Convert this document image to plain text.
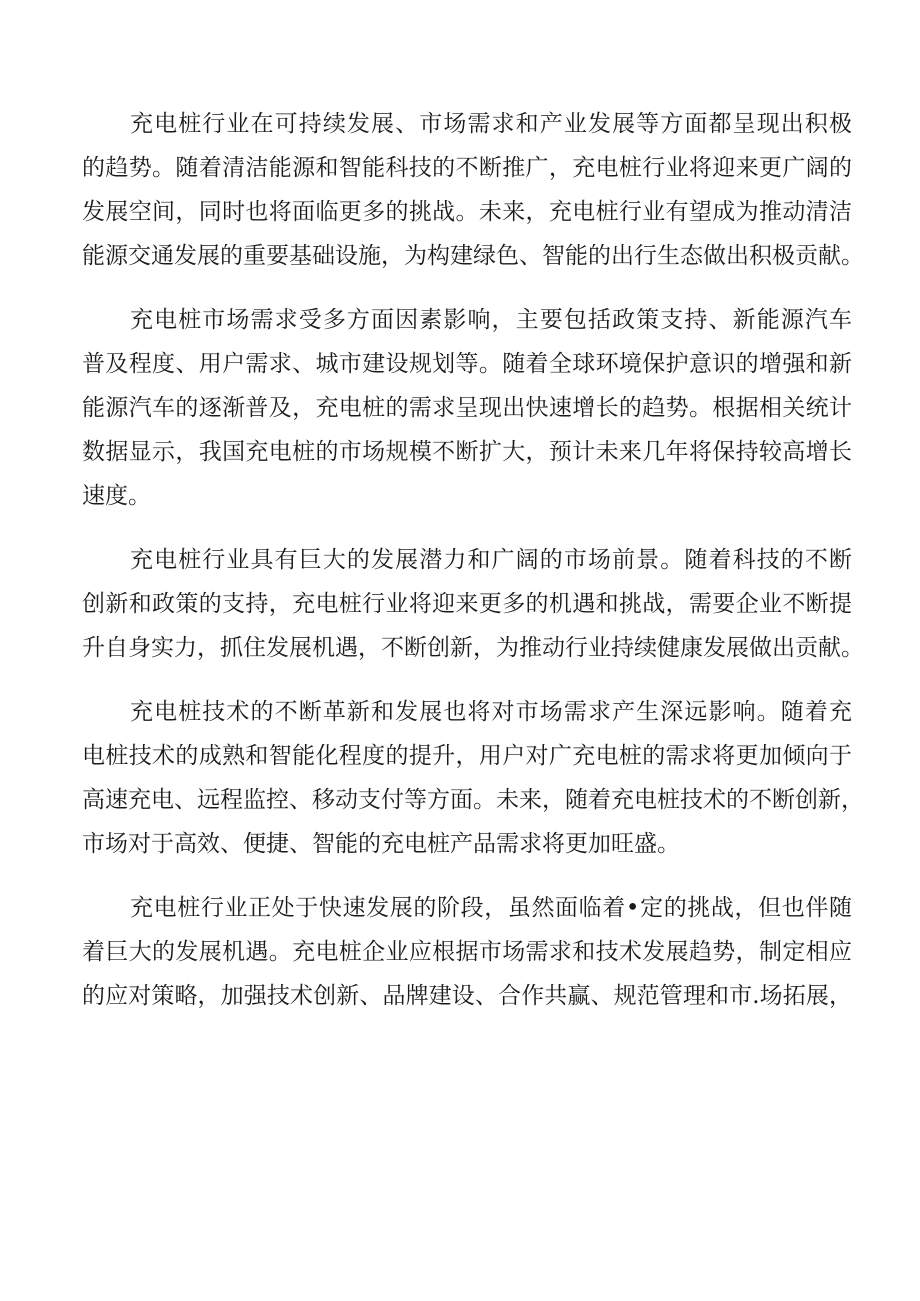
充电桩行业在可持续发展、市场需求和产业发展等方面都呈现出积极
的趋势。随着清洁能源和智能科技的不断推广，充电桩行业将迎来更广阔的
发展空间，同时也将面临更多的挑战。未来，充电桩行业有望成为推动清洁
能源交通发展的重要基础设施，为构建绿色、智能的出行生态做出积极贡献。
充电桩市场需求受多方面因素影响，主要包括政策支持、新能源汽车
普及程度、用户需求、城市建设规划等。随着全球环境保护意识的增强和新
能源汽车的逐渐普及，充电桩的需求呈现出快速增长的趋势。根据相关统计
数据显示，我国充电桩的市场规模不断扩大，预计未来几年将保持较高增长
速度。
充电桩行业具有巨大的发展潜力和广阔的市场前景。随着科技的不断
创新和政策的支持，充电桩行业将迎来更多的机遇和挑战，需要企业不断提
升自身实力，抓住发展机遇，不断创新，为推动行业持续健康发展做出贡献。
充电桩技术的不断革新和发展也将对市场需求产生深远影响。随着充
电桩技术的成熟和智能化程度的提升，用户对广充电桩的需求将更加倾向于
高速充电、远程监控、移动支付等方面。未来，随着充电桩技术的不断创新，
市场对于高效、便捷、智能的充电桩产品需求将更加旺盛。
充电桩行业正处于快速发展的阶段，虽然面临着•定的挑战，但也伴随
着巨大的发展机遇。充电桩企业应根据市场需求和技术发展趋势，制定相应
的应对策略，加强技术创新、品牌建设、合作共赢、规范管理和市.场拓展，
